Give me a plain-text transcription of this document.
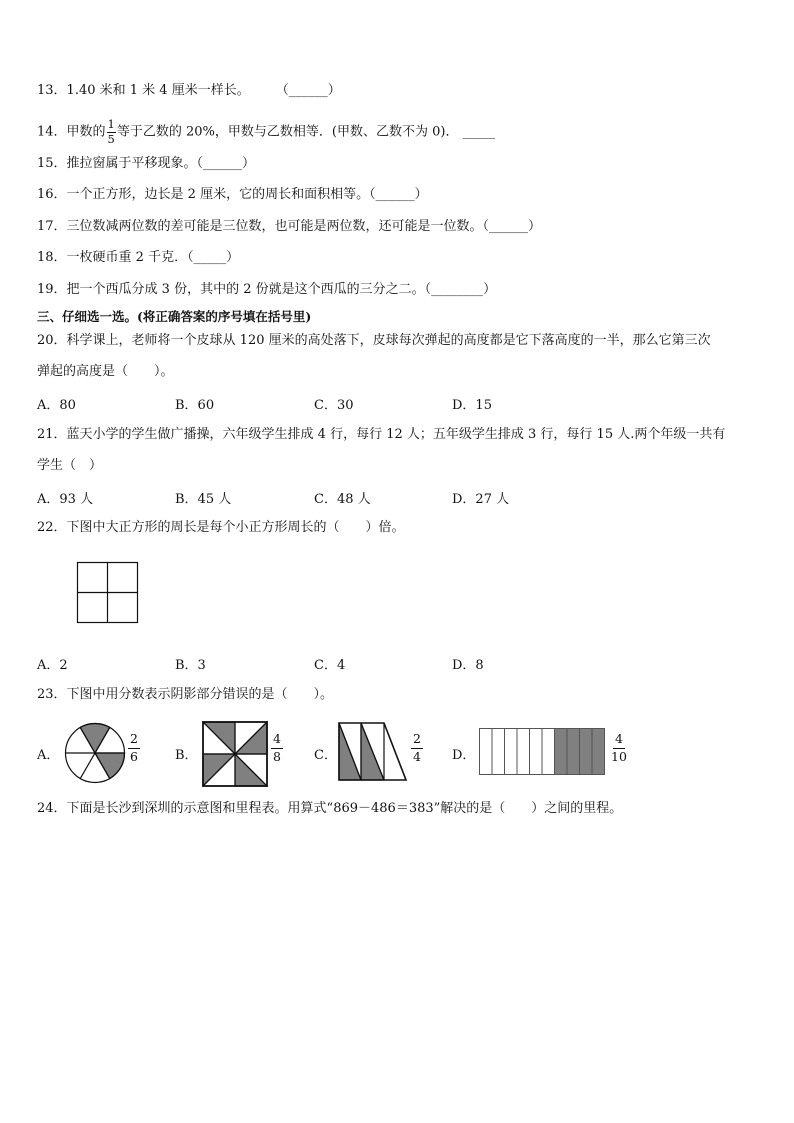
13．1.40 米和 1 米 4 厘米一样长。　　　（______）
14．甲数的 $\frac{1}{5}$ 等于乙数的 20%，甲数与乙数相等．(甲数、乙数不为 0)． _____
15．推拉窗属于平移现象。（______）
16．一个正方形，边长是 2 厘米，它的周长和面积相等。（______）
17．三位数减两位数的差可能是三位数，也可能是两位数，还可能是一位数。（______）
18．一枚硬币重 2 千克．（_____）
19．把一个西瓜分成 3 份，其中的 2 份就是这个西瓜的三分之二。（________）
三、仔细选一选。(将正确答案的序号填在括号里)
20．科学课上，老师将一个皮球从 120 厘米的高处落下，皮球每次弹起的高度都是它下落高度的一半，那么它第三次
弹起的高度是（　　）。
A．80	B．60	C．30	D．15
21．蓝天小学的学生做广播操，六年级学生排成 4 行，每行 12 人；五年级学生排成 3 行，每行 15 人.两个年级一共有
学生（　）
A．93 人	B．45 人	C．48 人	D．27 人
22．下图中大正方形的周长是每个小正方形周长的（　　）倍。
A．2	B．3	C．4	D．8
23．下图中用分数表示阴影部分错误的是（　　）。
A．	$\frac{2}{6}$	B．	$\frac{4}{8}$ C．	$\frac{2}{4}$ D．	$\frac{4}{10}$
24．下面是长沙到深圳的示意图和里程表。用算式“869－486＝383”解决的是（　　）之间的里程。
